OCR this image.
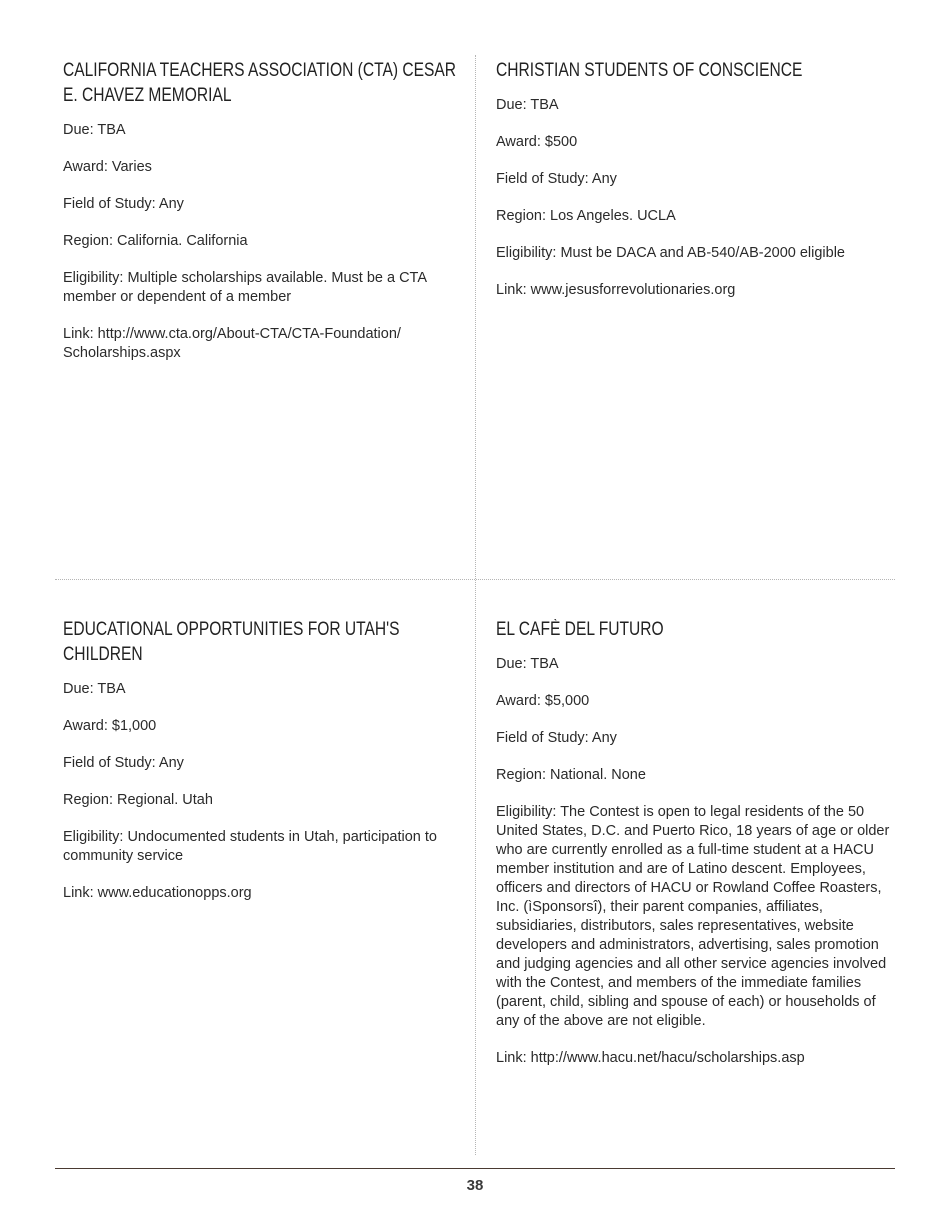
CALIFORNIA TEACHERS ASSOCIATION (CTA) CESAR E. CHAVEZ MEMORIAL

Due: TBA

Award: Varies

Field of Study: Any

Region: California. California

Eligibility: Multiple scholarships available. Must be a CTA member or dependent of a member

Link: http://www.cta.org/About-CTA/CTA-Foundation/ Scholarships.aspx

CHRISTIAN STUDENTS OF CONSCIENCE

Due: TBA

Award: $500

Field of Study: Any

Region: Los Angeles. UCLA

Eligibility: Must be DACA and AB-540/AB-2000 eligible

Link: www.jesusforrevolutionaries.org

EDUCATIONAL OPPORTUNITIES FOR UTAH'S CHILDREN

Due: TBA

Award: $1,000

Field of Study: Any

Region: Regional. Utah

Eligibility: Undocumented students in Utah, participation to community service

Link: www.educationopps.org

EL CAFÈ DEL FUTURO

Due: TBA

Award: $5,000

Field of Study: Any

Region: National. None

Eligibility: The Contest is open to legal residents of the 50 United States, D.C. and Puerto Rico, 18 years of age or older who are currently enrolled as a full-time student at a HACU member institution and are of Latino descent. Employees, officers and directors of HACU or Rowland Coffee Roasters, Inc. (ìSponsorsî), their parent companies, affiliates, subsidiaries, distributors, sales representatives, website developers and administrators, advertising, sales promotion and judging agencies and all other service agencies involved with the Contest, and members of the immediate families (parent, child, sibling and spouse of each) or households of any of the above are not eligible.

Link: http://www.hacu.net/hacu/scholarships.asp

38
